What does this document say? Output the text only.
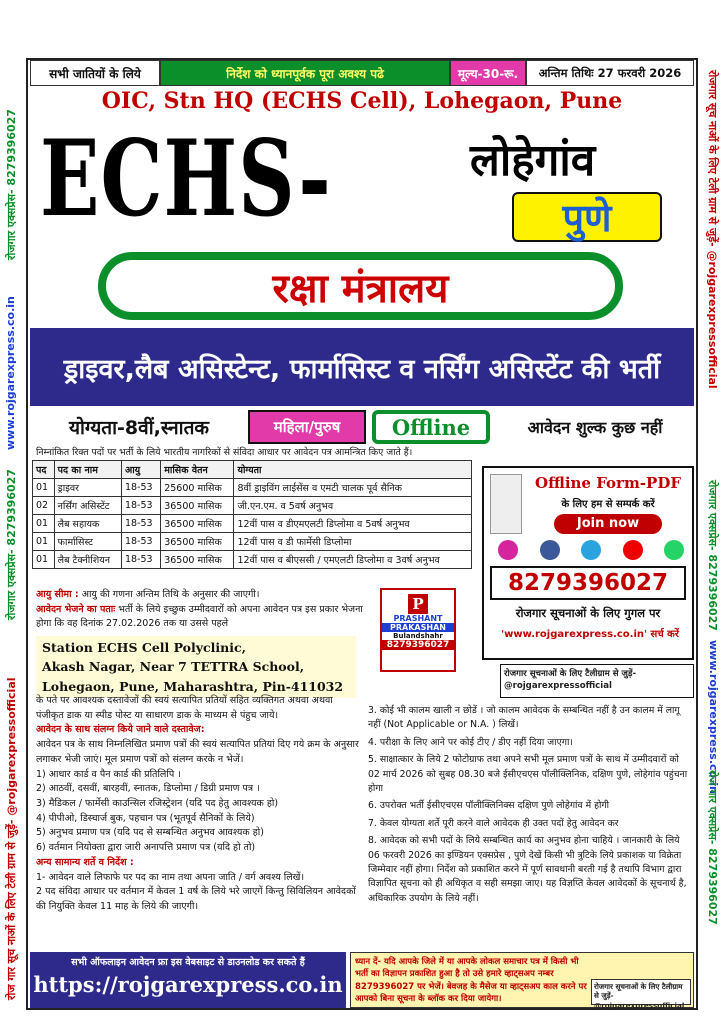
रोजगार एक्सप्रेस- 8279396027
www.rojgarexpress.co.in
रोजगार एक्सप्रेस- 8279396027
रोज गार सूच नाओं के लिए टेली ग्राम से जुड़ें- @rojgarexpressofficial
रोजगार सूच नाओं के लिए टेली ग्राम से जुड़ें- @rojgarexpressofficial
रोजगार एक्सप्रेस- 8279396027
www.rojgarexpress.co.in
रोज गार एक्सप्रेस- 8279396027
सभी जातियों के लिये	निर्देश को ध्यानपूर्वक पूरा अवश्य पढे	मूल्य-30-रू.	अन्तिम तिथिः 27 फरवरी 2026
OIC, Stn HQ (ECHS Cell), Lohegaon, Pune
ECHS-	लोहेगांव
पुणे
रक्षा मंत्रालय
ड्राइवर,लैब असिस्टेन्ट, फार्मासिस्ट व नर्सिंग असिस्टेंट की भर्ती
योग्यता-8वीं,स्नातक	महिला/पुरुष	Offline	आवेदन शुल्क कुछ नहीं
निम्नांकित रिक्त पदों पर भर्ती के लिये भारतीय नागरिकों से संविदा आधार पर आवेदन पत्र आमन्त्रित किए जाते हैं।
पद	पद का नाम	आयु	मासिक वेतन	योग्यता
01	ड्राइवर	18-53	25600 मासिक	8वीं ड्राइविंग लाईसेंस व एमटी चालक पूर्व सैनिक
02	नर्सिंग असिस्टेंट	18-53	36500 मासिक	जी.एन.एम. व 5वर्ष अनुभव
01	लैब सहायक	18-53	36500 मासिक	12वीं पास व डीएमएलटी डिप्लोमा व 5वर्ष अनुभव
01	फार्मासिस्ट	18-53	36500 मासिक	12वीं पास व डी फार्मेसी डिप्लोमा
01	लैब टैक्नीशियन	18-53	36500 मासिक	12वीं पास व बीएससी / एमएलटी डिप्लोमा व 3वर्ष अनुभव
Offline Form-PDF
के लिए हम से सम्पर्क करें
Join now
8279396027
रोजगार सूचनाओं के लिए गुगल पर
'www.rojgarexpress.co.in' सर्च करें
रोजगार सूचनाओं के लिए टैलीग्राम से जुड़ें- @rojgarexpressofficial
P
PRASHANT
PRAKASHAN
Bulandshahr
8279396027
आयु सीमा : आयु की गणना अन्तिम तिथि के अनुसार की जाएगी।
आवेदन भेजने का पताः भर्ती के लिये इच्छुक उम्मीदवारों को अपना आवेदन पत्र इस प्रकार भेजना होगा कि वह दिनांक 27.02.2026 तक या उससे पहले
Station ECHS Cell Polyclinic,
Akash Nagar, Near 7 TETTRA School,
Lohegaon, Pune, Maharashtra, Pin-411032
के पते पर आवश्यक दस्तावेजों की स्वयं सत्यापित प्रतियों सहित व्यक्तिगत अथवा अथवा पंजीकृत डाक या स्पीड पोस्ट या साधारण डाक के माध्यम से पंहुच जाये।
आवेदन के साथ संलग्न किये जाने वाले दस्तावेज:
आवेदन पत्र के साथ निम्नलिखित प्रमाण पत्रों की स्वयं सत्यापित प्रतियां दिए गये क्रम के अनुसार लगाकर भेजी जाएं। मूल प्रमाण पत्रों को संलग्न करके न भेजें।
1) आधार कार्ड व पैन कार्ड की प्रतिलिपि ।
2) आठवीं, दसवीं, बारहवीं, स्नातक, डिप्लोमा / डिग्री प्रमाण पत्र ।
3) मैडिकल / फार्मेसी काउन्सिल रजिस्ट्रेशन (यदि पद हेतु आवश्यक हो)
4) पीपीओ, डिस्चार्ज बुक, पहचान पत्र (भूतपूर्व सैनिकों के लिये)
5) अनुभव प्रमाण पत्र (यदि पद से सम्बन्धित अनुभव आवश्यक हो)
6) वर्तमान नियोक्ता द्वारा जारी अनापत्ति प्रमाण पत्र (यदि हो तो)
अन्य सामान्य शर्ते व निर्देश :
1- आवेदन वाले लिफाफे पर पद का नाम तथा अपना जाति / वर्ग अवश्य लिखें।
2 पद संविदा आधार पर वर्तमान में केवल 1 वर्ष के लिये भरे जाएगें किन्तु सिविलियन आवेदकों की नियुक्ति केवल 11 माह के लिये की जाएगी।
3. कोई भी कालम खाली न छोडें । जो कालम आवेदक के सम्बन्धित नहीं है उन कालम में लागू नहीं (Not Applicable or N.A. ) लिखें।
4. परीक्षा के लिए आने पर कोई टीए / डीए नहीं दिया जाएगा।
5. साक्षात्कार के लिये 2 फोटोग्राफ तथा अपने सभी मूल प्रमाण पत्रों के साथ में उम्मीदवारों को 02 मार्च 2026 को सुबह 08.30 बजे ईसीएचएस पॉलीक्लिनिक, दक्षिण पुणे, लोहेगांव पहुंचना होगा
6. उपरोक्त भर्ती ईसीएचएस पॉलीक्लिनिक्स दक्षिण पुणे लोहेगांव में होगी
7. केवल योग्यता शर्ते पूरी करने वाले आवेदक ही उक्त पदों हेतु आवेदन कर
8. आवेदक को सभी पदों के लिये सम्बन्धित कार्य का अनुभव होना चाहिये । जानकारी के लिये 06 फरवरी 2026 का इण्डियन एक्सप्रेस , पुणे देखें किसी भी त्रुटिके लिये प्रकाशक या विक्रेता जिम्मेवार नहीं होगा। निर्देश को प्रकाशित करने में पूर्ण सावधानी बरती गई है तथापि विभाग द्वारा विज्ञापित सूचना को ही अधिकृत व सही समझा जाए। यह विज्ञप्ति केवल आवेदकों के सूचनार्थ है, अधिकारिक उपयोग के लिये नहीं।
सभी ऑफलाइन आवेदन फ्रा इस वेबसाइट से डाउनलोड कर सकते हैं
https://rojgarexpress.co.in
ध्यान दें- यदि आपके जिले में या आपके लोकल समाचार पत्र में किसी भी भर्ती का विज्ञापन प्रकाशित हुआ है तो उसे हमारे व्हाट्सअप नम्बर 8279396027 पर भेजें। बेवजह के मैसेज या व्हाट्सअप काल करने पर आपको बिना सूचना के ब्लॉक कर दिया जायेगा।
रोजगार सूचनाओं के लिए टैलीग्राम से जुड़ें- @rojgarexpressofficial
